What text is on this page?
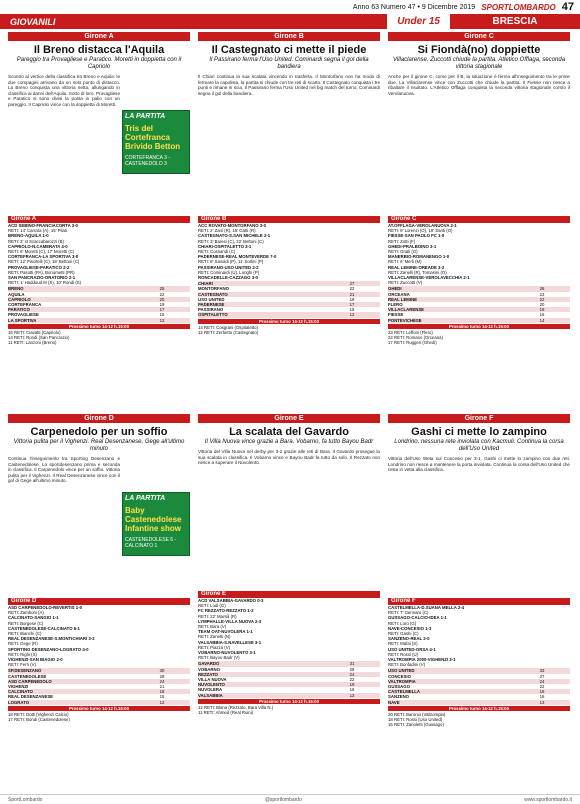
Anno 63 Numero 47 • 9 Dicembre 2019 SPORTLOMBARDO 47
GIOVANILI	Under 15	BRESCIA
Girone A
Il Breno distacca l'Aquila
Pareggio tra Provagliese e Paratico. Moretti in doppietta con il Capriolo
Scontro al vertice della classifica tra Breno e Aquila: le due compagini arrivano da un solo punto di distacco. La Breno conquista una vittoria netta, allungando in classifica ai danni dell'Aquila. Sotto di loro, Provagliese e Paratico si sono divisi la posta in palio con un pareggio. Il Capriolo vince con la doppietta di Moretti.
Girone A
ACD SEBINO-FRANCIACORTA 3-0
RETI: 14' Carrara (A), 15' Pilati
BRENO-AQUILA 1-0
RETI: 2' st Scaccabarozzi (B)
CAPRIOLO-N.CAMERATA 4-0
RETI: 8' Moretti (C), 17' Moretti (C)
CORTEFRANCA-LA SPORTIVA 3-0
RETI: 12' Piscitelli (C), 18' Bettoni (C)
PROVAGLIESE-PARATICO 2-2
RETI: Pasotti (PA), Bonometti (PR)
SAN PANCRAZIO-ORATORIO 2-1
RETI: 1' Haddoud M (S), 10' Rondi (S)
BRENO	25
AQUILA	22
CAPRIOLO	20
CORTEFRANCA	19
PARATICO	17
PROVAGLIESE	15
LA SPORTIVA	12
Prossimo turno 14-12 h.15:00
16 RETI: Ciavatti (Capriolo)
14 RETI: Rondi (San Pancrazio)
11 RETI: Lanzoni (Breno)
LA PARTITA
Tris del Cortefranca Brivido Betton
CORTEFRANCA 3 - CASTENEDOLO 3
Girone B
Il Castegnato ci mette il piede
Il Passirano ferma l'Uso United. Cominardi segna il gol della bandiera
Il Chiari continua la sua scalata vincendo in trasferta. Il Montorfano non ha modo di fermare la capolista, la partita si chiude con tre reti di scarto. Il Castegnato conquista i tre punti e rimane in scia. Il Passirano ferma l'Uso United nel big match del turno, Cominardi segna il gol della bandiera.
Girone B
ACC ROVATO-MONTORFANO 3-0
RETI: 2' Zani (R), 15' Gatti (R)
CASTEGNATO-S.SAN MICHELE 2-1
RETI: 3' Baresi (C), 22' Bettoni (C)
CHIARI-OSPITALETTO 3-1
RETI: Cossandi (C)
PADERNESE-REAL MONTEVERDE 7-0
RETI: 8' Savoldi (P), 11' Sorlini (P)
PASSIRANO-USO UNITED 2-2
RETI: Cominardi (U), Longhi (P)
RONCADELLE-CAZZAGO 3-0
CHIARI	27
MONTORFANO	22
CASTEGNATO	21
USO UNITED	19
PADERNESE	17
PASSIRANO	15
OSPITALETTO	12
Prossimo turno 14-12 h.15:00
14 RETI: Cosgrani (Ospitaletto)
12 RETI: Zerbetto (Castegnato)
Girone C
Si Fiondà(no) doppiette
Villaclarense, Zuccotti chiude la partita. Atletico Offlaga, seconda vittoria stagionale
Anche per il girone C, come per il B, la situazione è ferma all'inseguimento tra le prime due. La Villaclarense vince con Zuccotti che chiude la partita. Il Fiesse non riesce a ribaltare il risultato. L'Atletico Offlaga conquista la seconda vittoria stagionale contro il Verolanuova.
Girone C
AT.OFFLAGA-VEROLANUOVA 2-1
RETI: 9' Lorenzi (O), 19' Santi (O)
FIESSE-SAN PAOLO FC 1-0
RETI: Zotti (F)
GHEDI-PRALBOINO 3-1
RETI: Gnali (G)
MANERBIO-ROMANENGO 1-0
RETI: 6' Merli (M)
REAL LEMINE-OREADE 3-2
RETI: Zanelli (R), Tomasini (O)
VILLACLARENSE-VEROLAVECCHIA 2-1
RETI: Zuccotti (V)
GHEDI	26
ORCEANA	23
REAL LEMINE	22
FLERO	20
VILLACLARENSE	18
FIESSE	16
PONTEVICHESE	14
Prossimo turno 14-12 h.15:00
23 RETI: Leffoni (Flero)
22 RETI: Romano (Orceana)
17 RETI: Ruggeri (Ghedi)
Girone D
Carpenedolo per un soffio
Vittoria pulita per il Vighenzi. Real Desenzanese, Gege all'ultimo minuto
Continua l'inseguimento tra Sporting Desenzano e Castenedolese. Lo sportdesenzano prima e seconda in classifica. Il Carpenedolo vince per un soffio. Vittoria pulita per il Vighenzi. Il Real Desenzanese vince con il gol di Gege all'ultimo minuto.
Girone D
ASD CARPENEDOLO-REVERTIS 1-0
RETI: Zamboni (A)
CALCINATO-SANGIO 1-1
RETI: Borgese (C)
CASTENEDOLESE-CALCINATO 6-1
RETI: Bianchi (C)
REAL DESENZANESE-S.MONTICHIARI 3-2
RETI: Gege (R)
SPORTING DESENZANO-LOGRATO 4-0
RETI: Righi (S)
VIGHENZI-SAN BIAGIO 2-0
RETI: Ferri (V)
SP.DESENZANO	30
CASTENEDOLESE	28
ASD CARPENEDOLO	24
VIGHENZI	21
CALCINATO	18
REAL DESENZANESE	15
LOGRATO	12
Prossimo turno 14-12 h.15:00
18 RETI: Dotti (Vighenzi Calcio)
17 RETI: Bondi (Castenedolese)
LA PARTITA
Baby Castenedolese Infantine show
CASTENEDOLESE 6 - CALCINATO 1
Girone E
La scalata del Gavardo
Il Villa Nuova vince grazie a Bara. Vobarno, fa tutto Bayou Badr
Vittoria del Villa Nuova nel derby per 3-2 grazie alle reti di Bara. Il Gavardo prosegue la sua scalata in classifica. Il Vobarno vince e Bayou Badr fa tutto da solo. Il Rezzato non riesce a superare il Nuvolento.
Girone E
ACD VALSABBIA-GAVARDO 0-3
RETI: Lodi (G)
FC REZZATO-REZZATO 1-2
RETI: 22' Marsili (R)
LYMPHALLE-VILLA NUOVA 2-3
RETI: Bara (V)
TEAM OAT-NUVOLERA 1-1
RETI: Zanetti (N)
VALSABBIA-S.NAVELLESE 3-1
RETI: Piazza (V)
VOBARNO-NUVOLENTO 3-1
RETI: Bayou Badr (V)
GAVARDO	31
VOBARNO	28
REZZATO	24
VILLA NUOVA	22
NUVOLENTO	19
NUVOLERA	16
VALSABBIA	13
Prossimo turno 14-12 h.15:00
12 RETI: Blana (Rezzato, Bara Villa N.)
11 RETI: Ahmed (Real Ruini)
Girone F
Gashi ci mette lo zampino
Londrino, nessuna rete inviolata con Kacmuli. Continua la corsa dell'Uso United
Vittoria dell'Uso Weta sul Concesio per 3-1. Gashi ci mette lo zampino con due reti. Londrino non riesce a mantenere la porta inviolata. Continua la corsa dell'Uso United che resta in vetta alla classifica.
Girone F
CASTELMELLA-D.SUANA MELLA 2-4
RETI: 7' Gennaro (C)
GUSSAGO-CALCIO-IDEA 1-1
RETI: Loro (G)
NAVE-CONCESIO 1-3
RETI: Gashi (C)
SANZENO-REAL 2-0
RETI: Mafai (S)
USO UNITED-ORSA 4-1
RETI: Rossi (U)
VALTROMPIA 2000-VIGHENZI 3-1
RETI: Bonfadini (V)
USO UNITED	33
CONCESIO	27
VALTROMPIA	24
GUSSAGO	22
CASTELMELLA	19
SANZENO	16
NAVE	13
Prossimo turno 14-12 h.15:00
20 RETI: Baronio (Valtrompia)
18 RETI: Rossi (Uso United)
15 RETI: Zanoletti (Gussago)
SportLombardo	@sportlombardo	www.sportlombardo.it
